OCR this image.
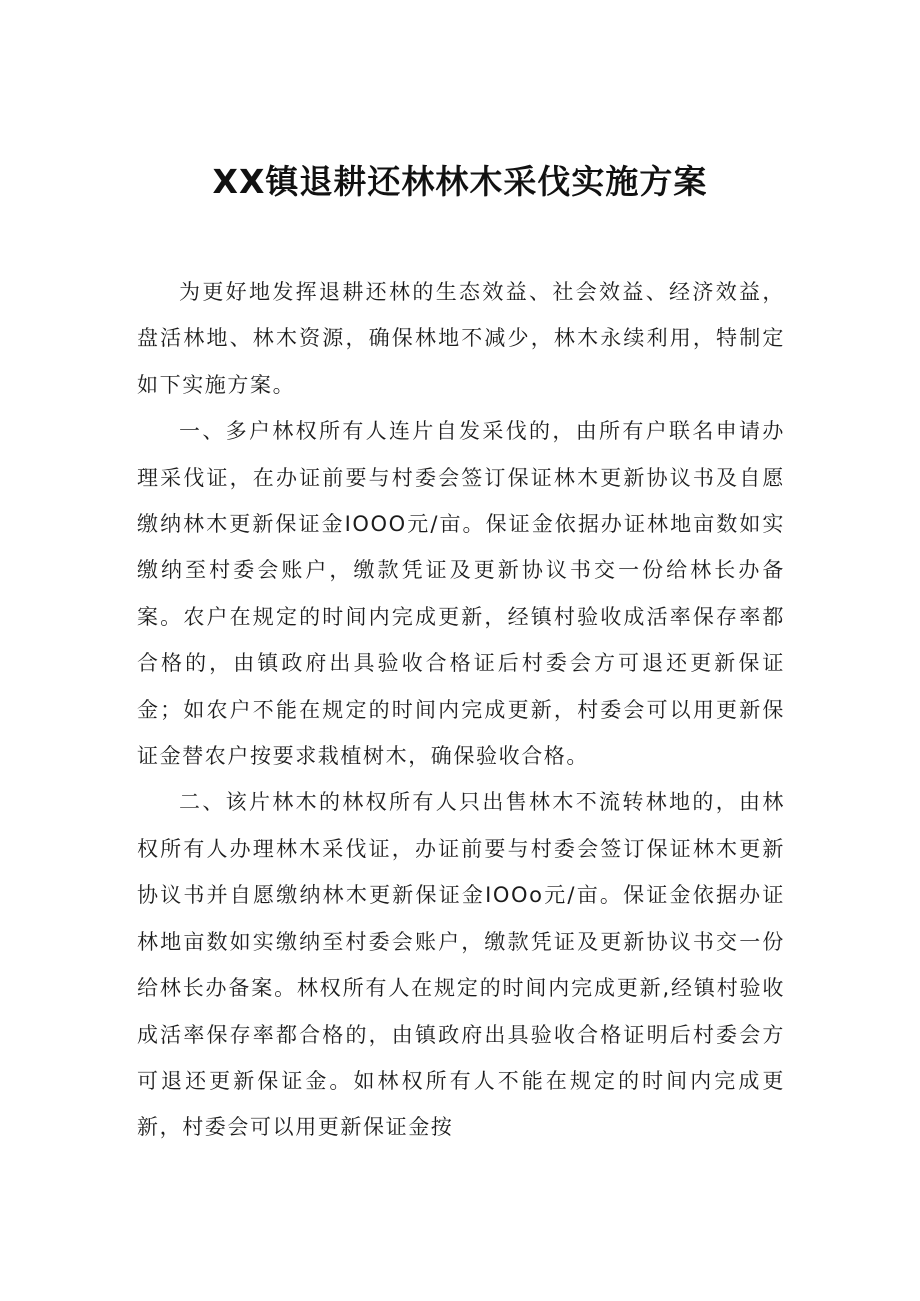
XX镇退耕还林林木采伐实施方案

为更好地发挥退耕还林的生态效益、社会效益、经济效益，盘活林地、林木资源，确保林地不减少，林木永续利用，特制定如下实施方案。

一、多户林权所有人连片自发采伐的，由所有户联名申请办理采伐证，在办证前要与村委会签订保证林木更新协议书及自愿缴纳林木更新保证金IOOO元/亩。保证金依据办证林地亩数如实缴纳至村委会账户，缴款凭证及更新协议书交一份给林长办备案。农户在规定的时间内完成更新，经镇村验收成活率保存率都合格的，由镇政府出具验收合格证后村委会方可退还更新保证金；如农户不能在规定的时间内完成更新，村委会可以用更新保证金替农户按要求栽植树木，确保验收合格。

二、该片林木的林权所有人只出售林木不流转林地的，由林权所有人办理林木采伐证，办证前要与村委会签订保证林木更新协议书并自愿缴纳林木更新保证金IOOo元/亩。保证金依据办证林地亩数如实缴纳至村委会账户，缴款凭证及更新协议书交一份给林长办备案。林权所有人在规定的时间内完成更新,经镇村验收成活率保存率都合格的，由镇政府出具验收合格证明后村委会方可退还更新保证金。如林权所有人不能在规定的时间内完成更新，村委会可以用更新保证金按
